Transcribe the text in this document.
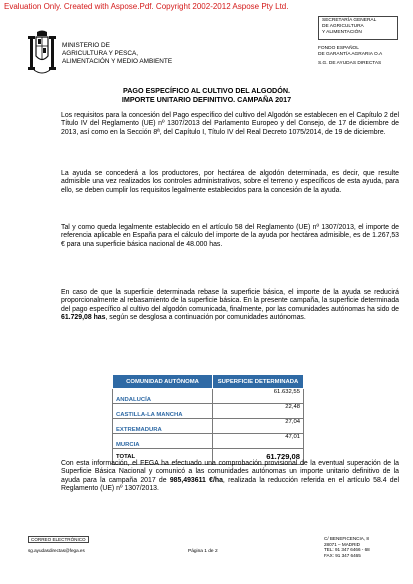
Evaluation Only. Created with Aspose.Pdf. Copyright 2002-2012 Aspose Pty Ltd.
MINISTERIO DE
AGRICULTURA Y PESCA,
ALIMENTACIÓN Y MEDIO AMBIENTE
SECRETARÍA GENERAL
DE AGRICULTURA
Y ALIMENTACIÓN
FONDO ESPAÑOL
DE GARANTÍA AGRARIA O.A
S.G. DE AYUDAS DIRECTAS
PAGO ESPECÍFICO AL CULTIVO DEL ALGODÓN.
IMPORTE UNITARIO DEFINITIVO. CAMPAÑA 2017

Los requisitos para la concesión del Pago específico del cultivo del Algodón se establecen en el Capítulo 2 del Título IV del Reglamento (UE) nº 1307/2013 del Parlamento Europeo y del Consejo, de 17 de diciembre de 2013, así como en la Sección 8ª, del Capítulo I, Título IV del Real Decreto 1075/2014, de 19 de diciembre.

La ayuda se concederá a los productores, por hectárea de algodón determinada, es decir, que resulte admisible una vez realizados los controles administrativos, sobre el terreno y específicos de esta ayuda, para ello, se deben cumplir los requisitos legalmente establecidos para la concesión de la ayuda.

Tal y como queda legalmente establecido en el artículo 58 del Reglamento (UE) nº 1307/2013, el importe de referencia aplicable en España para el cálculo del importe de la ayuda por hectárea admisible, es de 1.267,53 € para una superficie básica nacional de 48.000 has.

En caso de que la superficie determinada rebase la superficie básica, el importe de la ayuda se reducirá proporcionalmente al rebasamiento de la superficie básica. En la presente campaña, la superficie determinada del pago específico al cultivo del algodón comunicada, finalmente, por las comunidades autónomas ha sido de 61.729,08 has, según se desglosa a continuación por comunidades autónomas.

COMUNIDAD AUTÓNOMA	SUPERFICIE DETERMINADA
ANDALUCÍA	61.632,55
CASTILLA-LA MANCHA	22,48
EXTREMADURA	27,04
MURCIA	47,01
TOTAL	61.729,08

Con esta información, el FEGA ha efectuado una comprobación provisional de la eventual superación de la Superficie Básica Nacional y comunicó a las comunidades autónomas un importe unitario definitivo de la ayuda para la campaña 2017 de 985,493611 €/ha, realizada la reducción referida en el artículo 58.4 del Reglamento (UE) nº 1307/2013.

CORREO ELECTRÓNICO
sg.ayudasdirectas@fega.es	Página 1 de 2
C/ BENEFICENCIA, 8
28071 – MADRID
TEL: 91 347 6466 - 68
FAX: 91 347 6465
